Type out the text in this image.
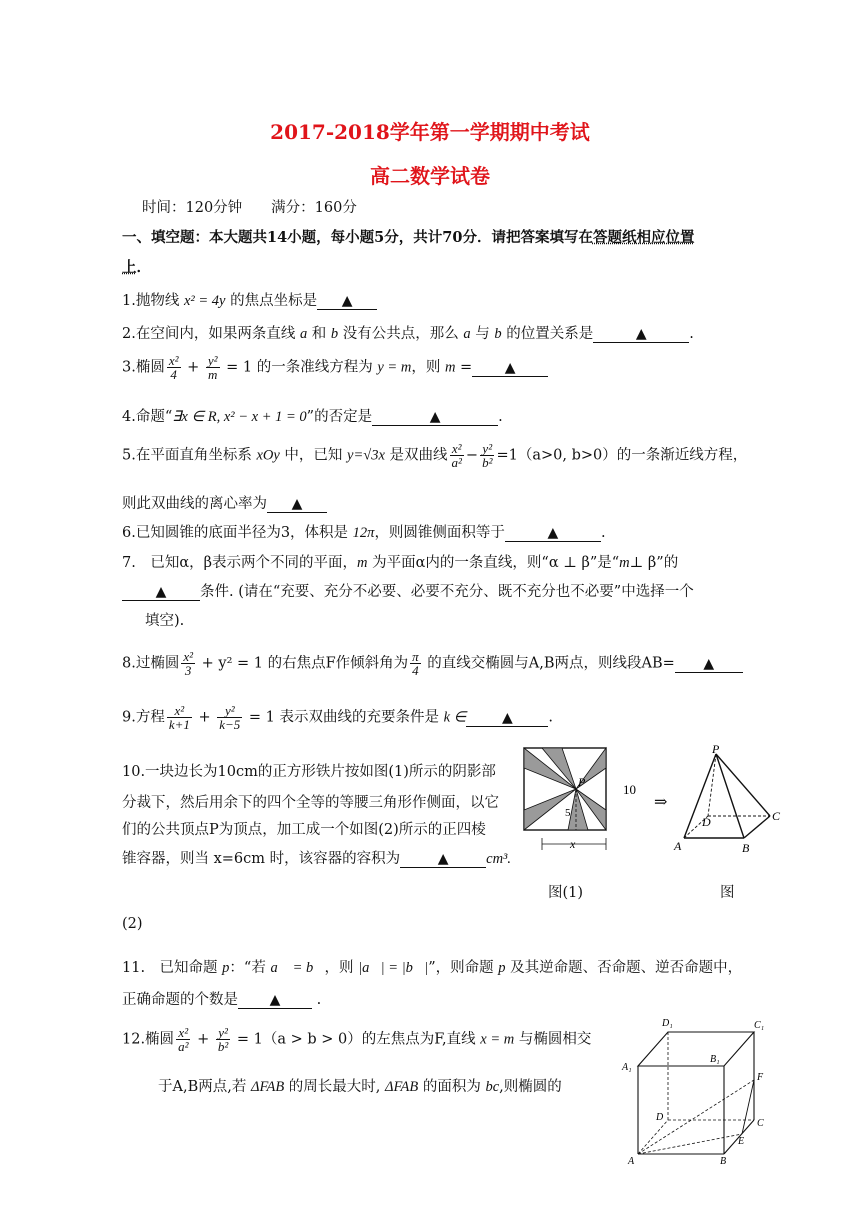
2017-2018学年第一学期期中考试
高二数学试卷
时间：120分钟　　满分：160分
一、填空题：本大题共14小题，每小题5分，共计70分．请把答案填写在答题纸相应位置
上．
1.抛物线 x² = 4y 的焦点坐标是 ▲
2.在空间内，如果两条直线 a 和 b 没有公共点，那么 a 与 b 的位置关系是	▲	.
3.椭圆 $\frac{\text{x²}}{4} + \frac{\text{y²}}{m} = 1$ 的一条准线方程为 y = m，则 m = ▲
4.命题“∃x ∈ R, x² − x + 1 = 0”的否定是	▲	.
5.在平面直角坐标系 xOy 中，已知 y=√3x 是双曲线 $\frac{\text{x²}}{\text{a²}} - \frac{\text{y²}}{\text{b²}} =1(a>0$, b>0）的一条渐近线方程，
则此双曲线的离心率为 ▲
6.已知圆锥的底面半径为3，体积是 12π，则圆锥侧面积等于	▲	.
7.　已知α，β表示两个不同的平面，m 为平面α内的一条直线，则“α ⊥ β”是“m⊥ β”的
▲ 条件. (请在“充要、充分不必要、必要不充分、既不充分也不必要”中选择一个
填空).
8.过椭圆 $\frac{\text{x²}}{3} + y^2 = 1$ 的右焦点F作倾斜角为 $\frac{\pi}{4}$ 的直线交椭圆与A,B两点，则线段AB= ▲
9.方程 $\frac{\text{x²}}{k+1} + \frac{\text{y²}}{k-5} = 1$ 表示双曲线的充要条件是 k ∈	▲ .
10.一块边长为10cm的正方形铁片按如图(1)所示的阴影部
分裁下，然后用余下的四个全等的等腰三角形作侧面，以它
们的公共顶点P为顶点，加工成一个如图(2)所示的正四棱
锥容器，则当 x=6cm 时，该容器的容积为	▲	cm³.
P
5
10
x
⇒
P
A	B
C
D
图(1)	图
(2)
11.　已知命题 p：“若 a⃗ = b⃗，则 |a⃗| = |b⃗|”，则命题 p 及其逆命题、否命题、逆否命题中，
正确命题的个数是 ▲ .
12.椭圆 $\frac{\text{x²}}{\text{a²}} + \frac{\text{y²}}{\text{b²}} = 1(a > b > 0)$的左焦点为F,直线 x = m 与椭圆相交
于A,B两点,若 ΔFAB 的周长最大时, ΔFAB 的面积为 bc,则椭圆的
D₁	C₁
A₁
B₁
F
D
C
E
A	B
